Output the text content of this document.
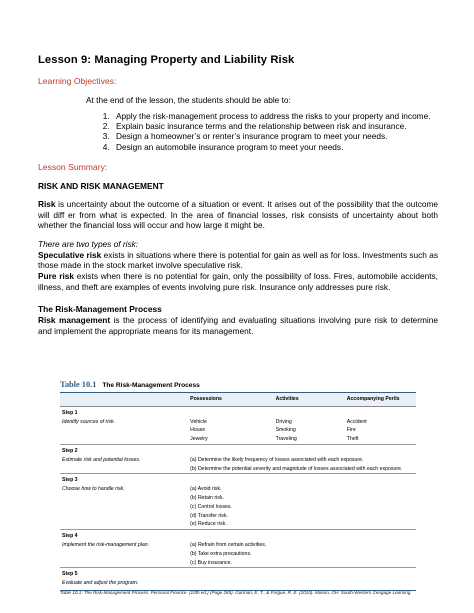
Lesson 9: Managing Property and Liability Risk
Learning Objectives:
At the end of the lesson, the students should be able to:
1. Apply the risk-management process to address the risks to your property and income.
2. Explain basic insurance terms and the relationship between risk and insurance.
3. Design a homeowner’s or renter’s insurance program to meet your needs.
4. Design an automobile insurance program to meet your needs.
Lesson Summary:
RISK AND RISK MANAGEMENT

Risk is uncertainty about the outcome of a situation or event. It arises out of the possibility that the outcome will diff er from what is expected. In the area of financial losses, risk consists of uncertainty about both whether the financial loss will occur and how large it might be.

There are two types of risk:

Speculative risk exists in situations where there is potential for gain as well as for loss. Investments such as those made in the stock market involve speculative risk.

Pure risk exists when there is no potential for gain, only the possibility of loss. Fires, automobile accidents, illness, and theft are examples of events involving pure risk. Insurance only addresses pure risk.

The Risk-Management Process

Risk management is the process of identifying and evaluating situations involving pure risk to determine and implement the appropriate means for its management.

Table 10.1 The Risk-Management Process
	Possessions	Activities	Accompanying Perils
Step 1			
Identify sources of risk.	Vehicle	Driving	Accident
	House	Smoking	Fire
	Jewelry	Traveling	Theft
Step 2			
Estimate risk and potential losses.	(a) Determine the likely frequency of losses associated with each exposure.		
	(b) Determine the potential severity and magnitude of losses associated with each exposure.		
Step 3			
Choose how to handle risk.	(a) Avoid risk.		
	(b) Retain risk.		
	(c) Control losses.		
	(d) Transfer risk.		
	(e) Reduce risk.		
Step 4			
Implement the risk-management plan.	(a) Refrain from certain activities.		
	(b) Take extra precautions.		
	(c) Buy insurance.		
Step 5			
Evaluate and adjust the program.			
Table 10.1: The Risk-Management Process. Personal Finance. (10th ed.) (Page 285). Garman, E. T., & Forgue, R. E. (2010). Mason, OH: South-Western Cengage Learning
